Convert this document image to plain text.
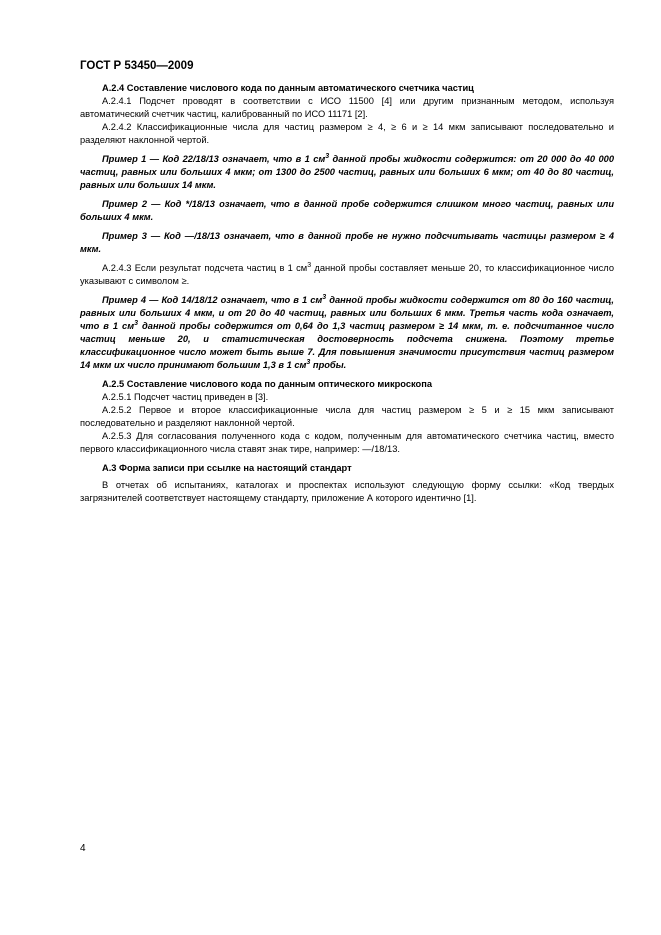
ГОСТ Р 53450—2009

A.2.4 Составление числового кода по данным автоматического счетчика частиц

A.2.4.1 Подсчет проводят в соответствии с ИСО 11500 [4] или другим признанным методом, используя автоматический счетчик частиц, калиброванный по ИСО 11171 [2].

A.2.4.2 Классификационные числа для частиц размером ≥ 4, ≥ 6 и ≥ 14 мкм записывают последовательно и разделяют наклонной чертой.

Пример 1 — Код 22/18/13 означает, что в 1 $см^3$ данной пробы жидкости содержится: от 20 000 до 40 000 частиц, равных или больших 4 мкм; от 1300 до 2500 частиц, равных или больших 6 мкм; от 40 до 80 частиц, равных или больших 14 мкм.

Пример 2 — Код */18/13 означает, что в данной пробе содержится слишком много частиц, равных или больших 4 мкм.

Пример 3 — Код —/18/13 означает, что в данной пробе не нужно подсчитывать частицы размером ≥ 4 мкм.

A.2.4.3 Если результат подсчета частиц в 1 $см^3$ данной пробы составляет меньше 20, то классификационное число указывают с символом ≥.

Пример 4 — Код 14/18/12 означает, что в 1 $см^3$ данной пробы жидкости содержится от 80 до 160 частиц, равных или больших 4 мкм, и от 20 до 40 частиц, равных или больших 6 мкм. Третья часть кода означает, что в 1 $см^3$ данной пробы содержится от 0,64 до 1,3 частиц размером ≥ 14 мкм, т. е. подсчитанное число частиц меньше 20, и статистическая достоверность подсчета снижена. Поэтому третье классификационное число может быть выше 7. Для повышения значимости присутствия частиц размером 14 мкм их число принимают большим 1,3 в 1 $см^3$ пробы.

A.2.5 Составление числового кода по данным оптического микроскопа

A.2.5.1 Подсчет частиц приведен в [3].

A.2.5.2 Первое и второе классификационные числа для частиц размером ≥ 5 и ≥ 15 мкм записывают последовательно и разделяют наклонной чертой.

A.2.5.3 Для согласования полученного кода с кодом, полученным для автоматического счетчика частиц, вместо первого классификационного числа ставят знак тире, например: —/18/13.

A.3 Форма записи при ссылке на настоящий стандарт

В отчетах об испытаниях, каталогах и проспектах используют следующую форму ссылки: «Код твердых загрязнителей соответствует настоящему стандарту, приложение А которого идентично [1].

4
